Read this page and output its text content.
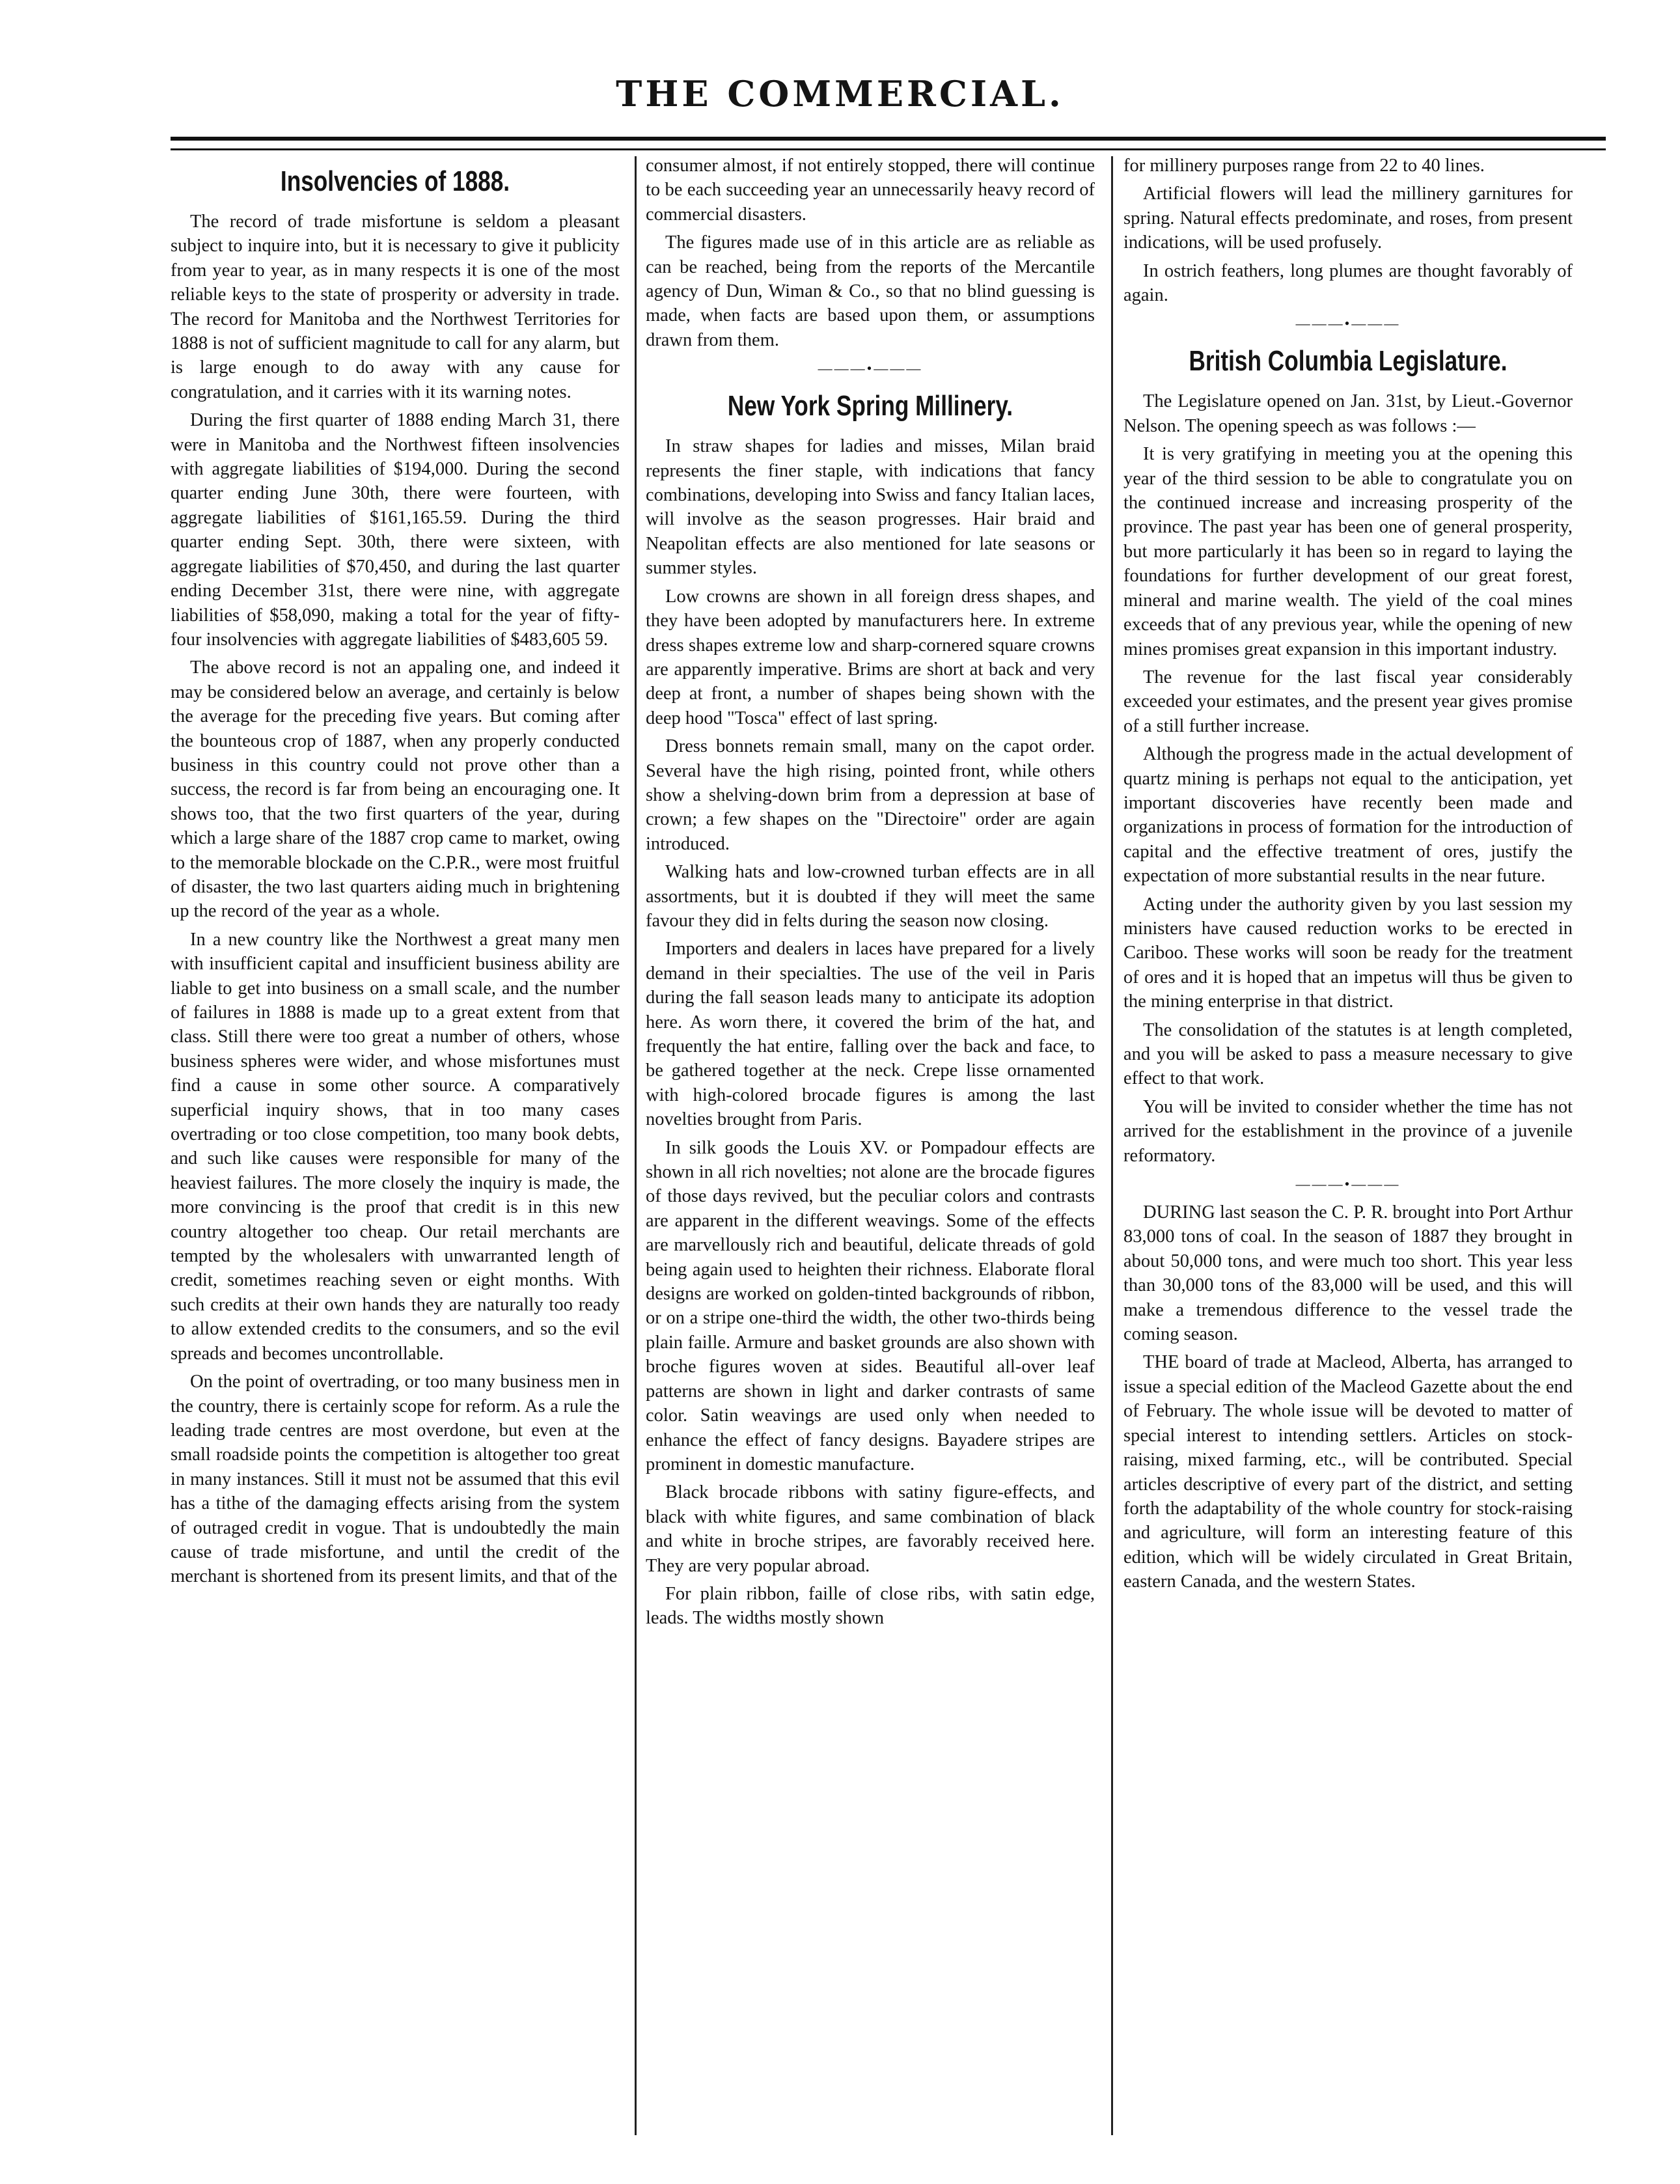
THE COMMERCIAL.
Insolvencies of 1888.

The record of trade misfortune is seldom a pleasant subject to inquire into, but it is necessary to give it publicity from year to year, as in many respects it is one of the most reliable keys to the state of prosperity or adversity in trade. The record for Manitoba and the Northwest Territories for 1888 is not of sufficient magnitude to call for any alarm, but is large enough to do away with any cause for congratulation, and it carries with it its warning notes.

During the first quarter of 1888 ending March 31, there were in Manitoba and the Northwest fifteen insolvencies with aggregate liabilities of $194,000. During the second quarter ending June 30th, there were fourteen, with aggregate liabilities of $161,165.59. During the third quarter ending Sept. 30th, there were sixteen, with aggregate liabilities of $70,450, and during the last quarter ending December 31st, there were nine, with aggregate liabilities of $58,090, making a total for the year of fifty-four insolvencies with aggregate liabilities of $483,605 59.

The above record is not an appaling one, and indeed it may be considered below an average, and certainly is below the average for the preceding five years. But coming after the bounteous crop of 1887, when any properly conducted business in this country could not prove other than a success, the record is far from being an encouraging one. It shows too, that the two first quarters of the year, during which a large share of the 1887 crop came to market, owing to the memorable blockade on the C.P.R., were most fruitful of disaster, the two last quarters aiding much in brightening up the record of the year as a whole.

In a new country like the Northwest a great many men with insufficient capital and insufficient business ability are liable to get into business on a small scale, and the number of failures in 1888 is made up to a great extent from that class. Still there were too great a number of others, whose business spheres were wider, and whose misfortunes must find a cause in some other source. A comparatively superficial inquiry shows, that in too many cases overtrading or too close competition, too many book debts, and such like causes were responsible for many of the heaviest failures. The more closely the inquiry is made, the more convincing is the proof that credit is in this new country altogether too cheap. Our retail merchants are tempted by the wholesalers with unwarranted length of credit, sometimes reaching seven or eight months. With such credits at their own hands they are naturally too ready to allow extended credits to the consumers, and so the evil spreads and becomes uncontrollable.

On the point of overtrading, or too many business men in the country, there is certainly scope for reform. As a rule the leading trade centres are most overdone, but even at the small roadside points the competition is altogether too great in many instances. Still it must not be assumed that this evil has a tithe of the damaging effects arising from the system of outraged credit in vogue. That is undoubtedly the main cause of trade misfortune, and until the credit of the merchant is shortened from its present limits, and that of the

consumer almost, if not entirely stopped, there will continue to be each succeeding year an unnecessarily heavy record of commercial disasters.

The figures made use of in this article are as reliable as can be reached, being from the reports of the Mercantile agency of Dun, Wiman & Co., so that no blind guessing is made, when facts are based upon them, or assumptions drawn from them.

———•———
New York Spring Millinery.

In straw shapes for ladies and misses, Milan braid represents the finer staple, with indications that fancy combinations, developing into Swiss and fancy Italian laces, will involve as the season progresses. Hair braid and Neapolitan effects are also mentioned for late seasons or summer styles.

Low crowns are shown in all foreign dress shapes, and they have been adopted by manufacturers here. In extreme dress shapes extreme low and sharp-cornered square crowns are apparently imperative. Brims are short at back and very deep at front, a number of shapes being shown with the deep hood "Tosca" effect of last spring.

Dress bonnets remain small, many on the capot order. Several have the high rising, pointed front, while others show a shelving-down brim from a depression at base of crown; a few shapes on the "Directoire" order are again introduced.

Walking hats and low-crowned turban effects are in all assortments, but it is doubted if they will meet the same favour they did in felts during the season now closing.

Importers and dealers in laces have prepared for a lively demand in their specialties. The use of the veil in Paris during the fall season leads many to anticipate its adoption here. As worn there, it covered the brim of the hat, and frequently the hat entire, falling over the back and face, to be gathered together at the neck. Crepe lisse ornamented with high-colored brocade figures is among the last novelties brought from Paris.

In silk goods the Louis XV. or Pompadour effects are shown in all rich novelties; not alone are the brocade figures of those days revived, but the peculiar colors and contrasts are apparent in the different weavings. Some of the effects are marvellously rich and beautiful, delicate threads of gold being again used to heighten their richness. Elaborate floral designs are worked on golden-tinted backgrounds of ribbon, or on a stripe one-third the width, the other two-thirds being plain faille. Armure and basket grounds are also shown with broche figures woven at sides. Beautiful all-over leaf patterns are shown in light and darker contrasts of same color. Satin weavings are used only when needed to enhance the effect of fancy designs. Bayadere stripes are prominent in domestic manufacture.

Black brocade ribbons with satiny figure-effects, and black with white figures, and same combination of black and white in broche stripes, are favorably received here. They are very popular abroad.

For plain ribbon, faille of close ribs, with satin edge, leads. The widths mostly shown

for millinery purposes range from 22 to 40 lines.

Artificial flowers will lead the millinery garnitures for spring. Natural effects predominate, and roses, from present indications, will be used profusely.

In ostrich feathers, long plumes are thought favorably of again.

———•———
British Columbia Legislature.

The Legislature opened on Jan. 31st, by Lieut.-Governor Nelson. The opening speech as was follows :—

It is very gratifying in meeting you at the opening this year of the third session to be able to congratulate you on the continued increase and increasing prosperity of the province. The past year has been one of general prosperity, but more particularly it has been so in regard to laying the foundations for further development of our great forest, mineral and marine wealth. The yield of the coal mines exceeds that of any previous year, while the opening of new mines promises great expansion in this important industry.

The revenue for the last fiscal year considerably exceeded your estimates, and the present year gives promise of a still further increase.

Although the progress made in the actual development of quartz mining is perhaps not equal to the anticipation, yet important discoveries have recently been made and organizations in process of formation for the introduction of capital and the effective treatment of ores, justify the expectation of more substantial results in the near future.

Acting under the authority given by you last session my ministers have caused reduction works to be erected in Cariboo. These works will soon be ready for the treatment of ores and it is hoped that an impetus will thus be given to the mining enterprise in that district.

The consolidation of the statutes is at length completed, and you will be asked to pass a measure necessary to give effect to that work.

You will be invited to consider whether the time has not arrived for the establishment in the province of a juvenile reformatory.

———•———

DURING last season the C. P. R. brought into Port Arthur 83,000 tons of coal. In the season of 1887 they brought in about 50,000 tons, and were much too short. This year less than 30,000 tons of the 83,000 will be used, and this will make a tremendous difference to the vessel trade the coming season.

THE board of trade at Macleod, Alberta, has arranged to issue a special edition of the Macleod Gazette about the end of February. The whole issue will be devoted to matter of special interest to intending settlers. Articles on stock-raising, mixed farming, etc., will be contributed. Special articles descriptive of every part of the district, and setting forth the adaptability of the whole country for stock-raising and agriculture, will form an interesting feature of this edition, which will be widely circulated in Great Britain, eastern Canada, and the western States.
